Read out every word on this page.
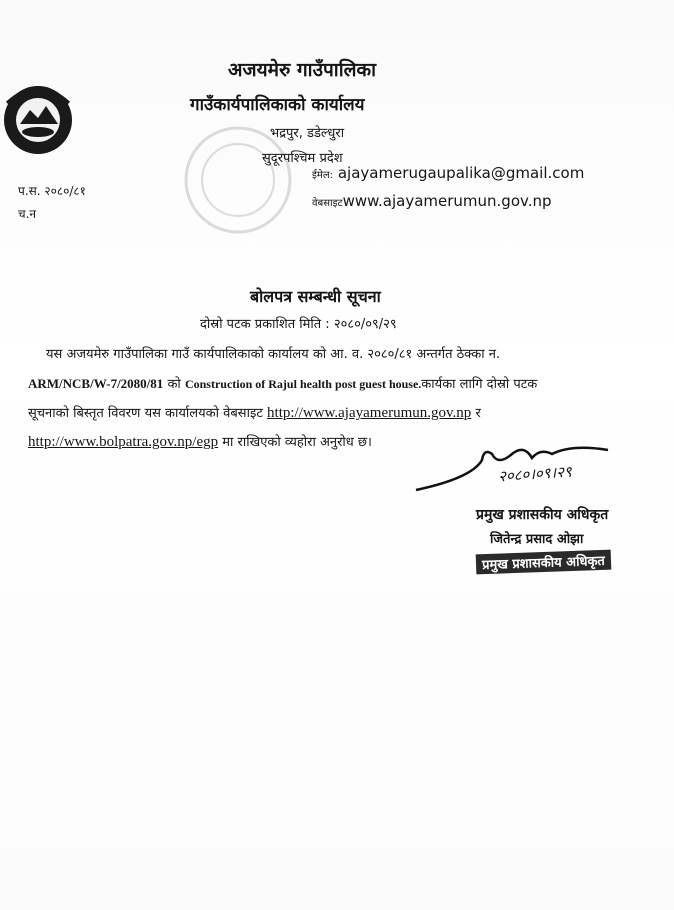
अजयमेरु गाउँपालिका
गाउँकार्यपालिकाको कार्यालय
भद्रपुर, डडेल्धुरा
सुदूरपश्चिम प्रदेश
प.स. २०८०/८१
च.न
ईमेल: ajayamerugaupalika@gmail.com
वेबसाइटwww.ajayamerumun.gov.np
बोलपत्र सम्बन्धी सूचना
दोस्रो पटक प्रकाशित मिति : २०८०/०९/२९
यस अजयमेरु गाउँपालिका गाउँ कार्यपालिकाको कार्यालय को आ. व. २०८०/८१ अन्तर्गत ठेक्का न.
ARM/NCB/W-7/2080/81 को Construction of Rajul health post guest house.कार्यका लागि दोस्रो पटक
सूचनाको बिस्तृत विवरण यस कार्यालयको वेबसाइट http://www.ajayamerumun.gov.np र
http://www.bolpatra.gov.np/egp मा राखिएको व्यहोरा अनुरोध छ।
२०८०।०९।२९
प्रमुख प्रशासकीय अधिकृत
जितेन्द्र प्रसाद ओझा
प्रमुख प्रशासकीय अधिकृत
